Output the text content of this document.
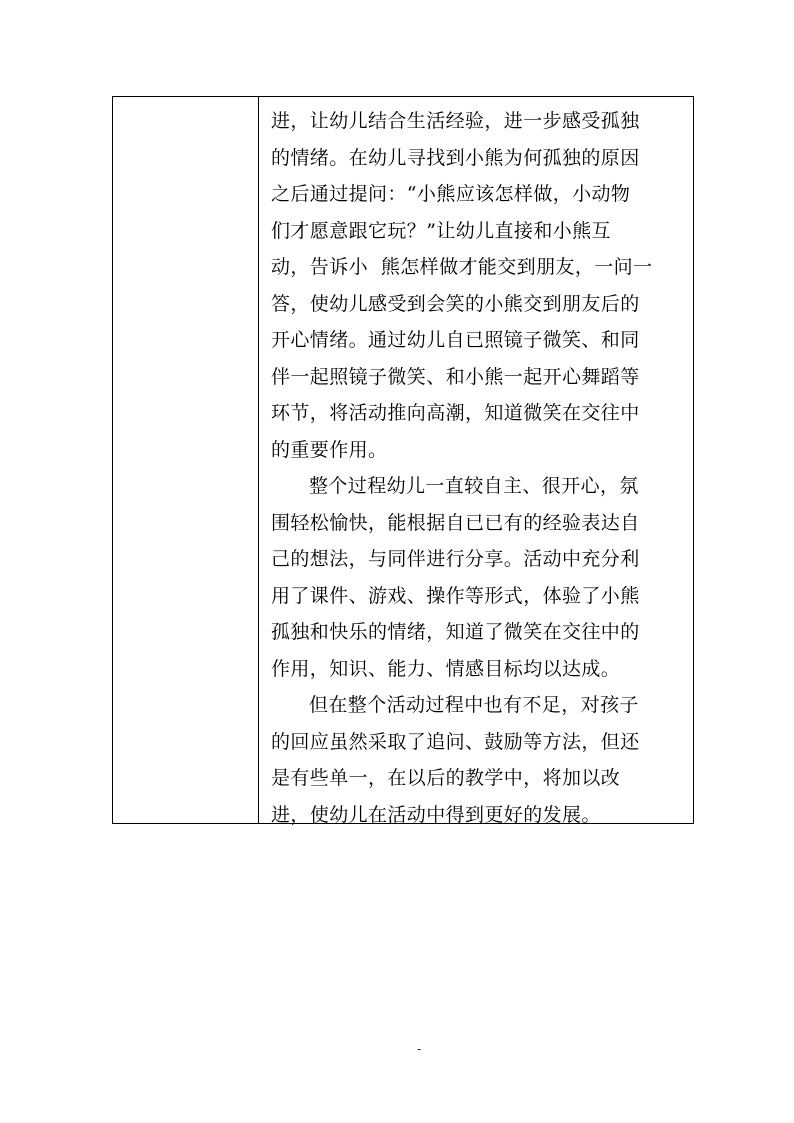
进，让幼儿结合生活经验，进一步感受孤独

的情绪。在幼儿寻找到小熊为何孤独的原因

之后通过提问：“小熊应该怎样做，小动物

们才愿意跟它玩？”让幼儿直接和小熊互

动，告诉小  熊怎样做才能交到朋友，一问一

答，使幼儿感受到会笑的小熊交到朋友后的

开心情绪。通过幼儿自已照镜子微笑、和同

伴一起照镜子微笑、和小熊一起开心舞蹈等

环节，将活动推向高潮，知道微笑在交往中

的重要作用。

整个过程幼儿一直较自主、很开心，氛

围轻松愉快，能根据自已已有的经验表达自

己的想法，与同伴进行分享。活动中充分利

用了课件、游戏、操作等形式，体验了小熊

孤独和快乐的情绪，知道了微笑在交往中的

作用，知识、能力、情感目标均以达成。

但在整个活动过程中也有不足，对孩子

的回应虽然采取了追问、鼓励等方法，但还

是有些单一，在以后的教学中，将加以改

进，使幼儿在活动中得到更好的发展。

-
